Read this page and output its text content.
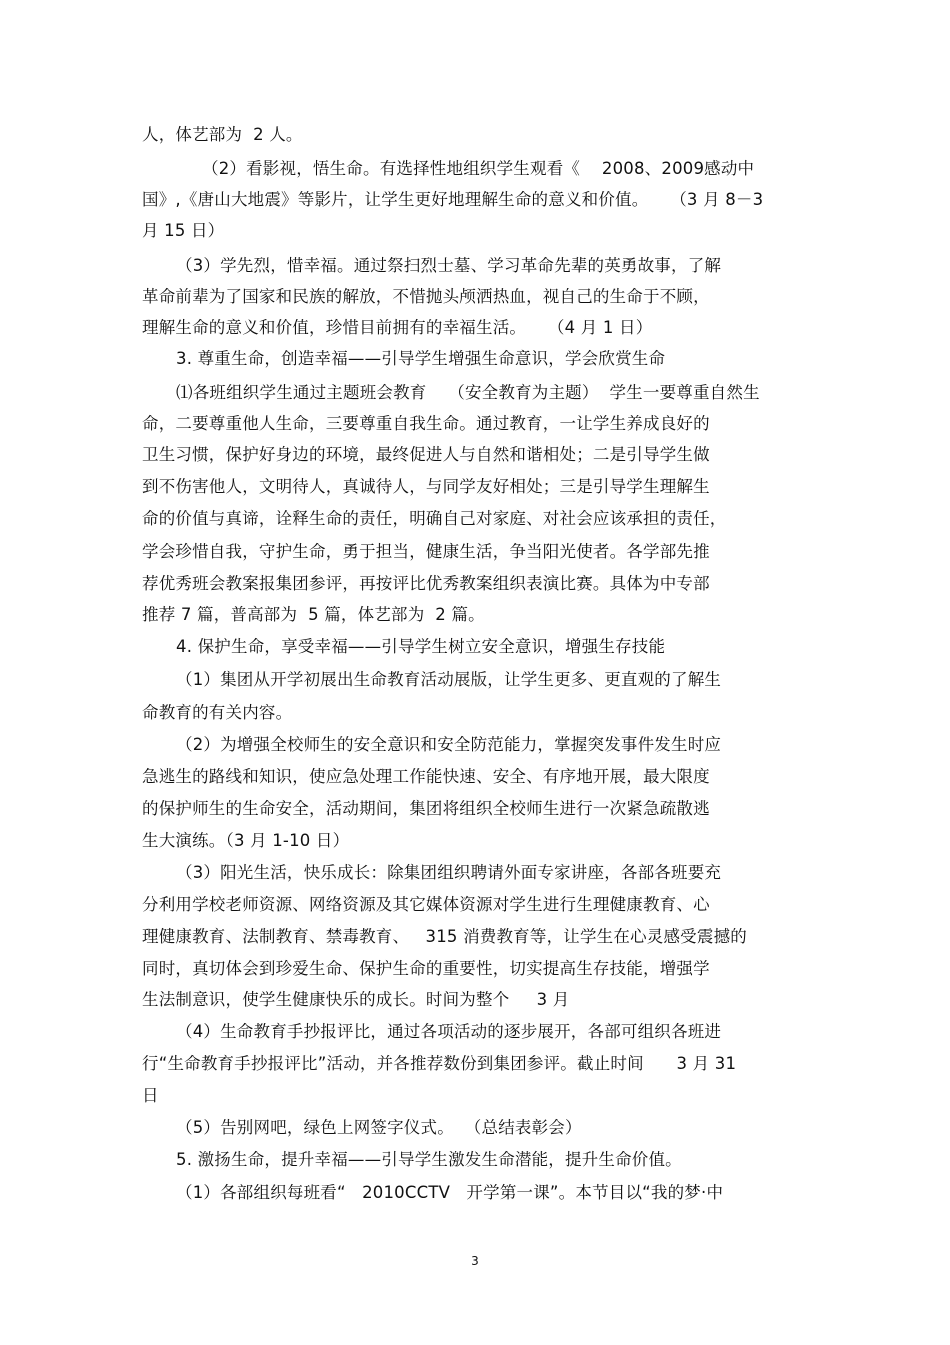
人，体艺部为  2 人。
（2）看影视，悟生命。有选择性地组织学生观看《    2008、2009感动中
国》,《唐山大地震》等影片，让学生更好地理解生命的意义和价值。    （3 月 8－3
月 15 日）
（3）学先烈，惜幸福。通过祭扫烈士墓、学习革命先辈的英勇故事，了解
革命前辈为了国家和民族的解放，不惜抛头颅洒热血，视自己的生命于不顾，
理解生命的意义和价值，珍惜目前拥有的幸福生活。    （4 月 1 日）
3. 尊重生命，创造幸福——引导学生增强生命意识，学会欣赏生命
⑴各班组织学生通过主题班会教育    （安全教育为主题）  学生一要尊重自然生
命，二要尊重他人生命，三要尊重自我生命。通过教育，一让学生养成良好的
卫生习惯，保护好身边的环境，最终促进人与自然和谐相处；二是引导学生做
到不伤害他人，文明待人，真诚待人，与同学友好相处；三是引导学生理解生
命的价值与真谛，诠释生命的责任，明确自己对家庭、对社会应该承担的责任，
学会珍惜自我，守护生命，勇于担当，健康生活，争当阳光使者。各学部先推
荐优秀班会教案报集团参评，再按评比优秀教案组织表演比赛。具体为中专部
推荐 7 篇，普高部为  5 篇，体艺部为  2 篇。
4. 保护生命，享受幸福——引导学生树立安全意识，增强生存技能
（1）集团从开学初展出生命教育活动展版，让学生更多、更直观的了解生
命教育的有关内容。
（2）为增强全校师生的安全意识和安全防范能力，掌握突发事件发生时应
急逃生的路线和知识，使应急处理工作能快速、安全、有序地开展，最大限度
的保护师生的生命安全，活动期间，集团将组织全校师生进行一次紧急疏散逃
生大演练。（3 月 1-10 日）
（3）阳光生活，快乐成长：除集团组织聘请外面专家讲座，各部各班要充
分利用学校老师资源、网络资源及其它媒体资源对学生进行生理健康教育、心
理健康教育、法制教育、禁毒教育、   315 消费教育等，让学生在心灵感受震撼的
同时，真切体会到珍爱生命、保护生命的重要性，切实提高生存技能，增强学
生法制意识，使学生健康快乐的成长。时间为整个     3 月
（4）生命教育手抄报评比，通过各项活动的逐步展开，各部可组织各班进
行“生命教育手抄报评比”活动，并各推荐数份到集团参评。截止时间      3 月 31
日
（5）告别网吧，绿色上网签字仪式。  （总结表彰会）
5. 激扬生命，提升幸福——引导学生激发生命潜能，提升生命价值。
（1）各部组织每班看“   2010CCTV   开学第一课”。本节目以“我的梦·中
3
